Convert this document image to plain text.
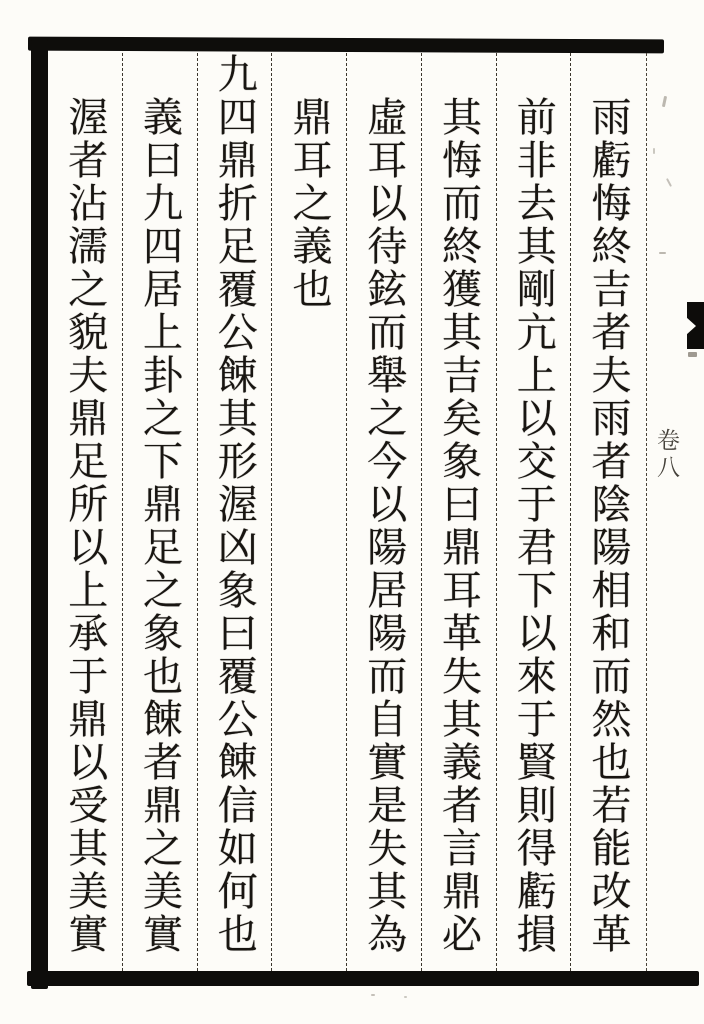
雨虧悔終吉者夫雨者陰陽相和而然也若能改革
前非去其剛亢上以交于君下以來于賢則得虧損
其悔而終獲其吉矣象曰鼎耳革失其義者言鼎必
虛耳以待鉉而舉之今以陽居陽而自實是失其為
鼎耳之義也
九四鼎折足覆公餗其形渥凶象曰覆公餗信如何也
義曰九四居上卦之下鼎足之象也餗者鼎之美實
渥者沾濡之貌夫鼎足所以上承于鼎以受其美實	卷八
